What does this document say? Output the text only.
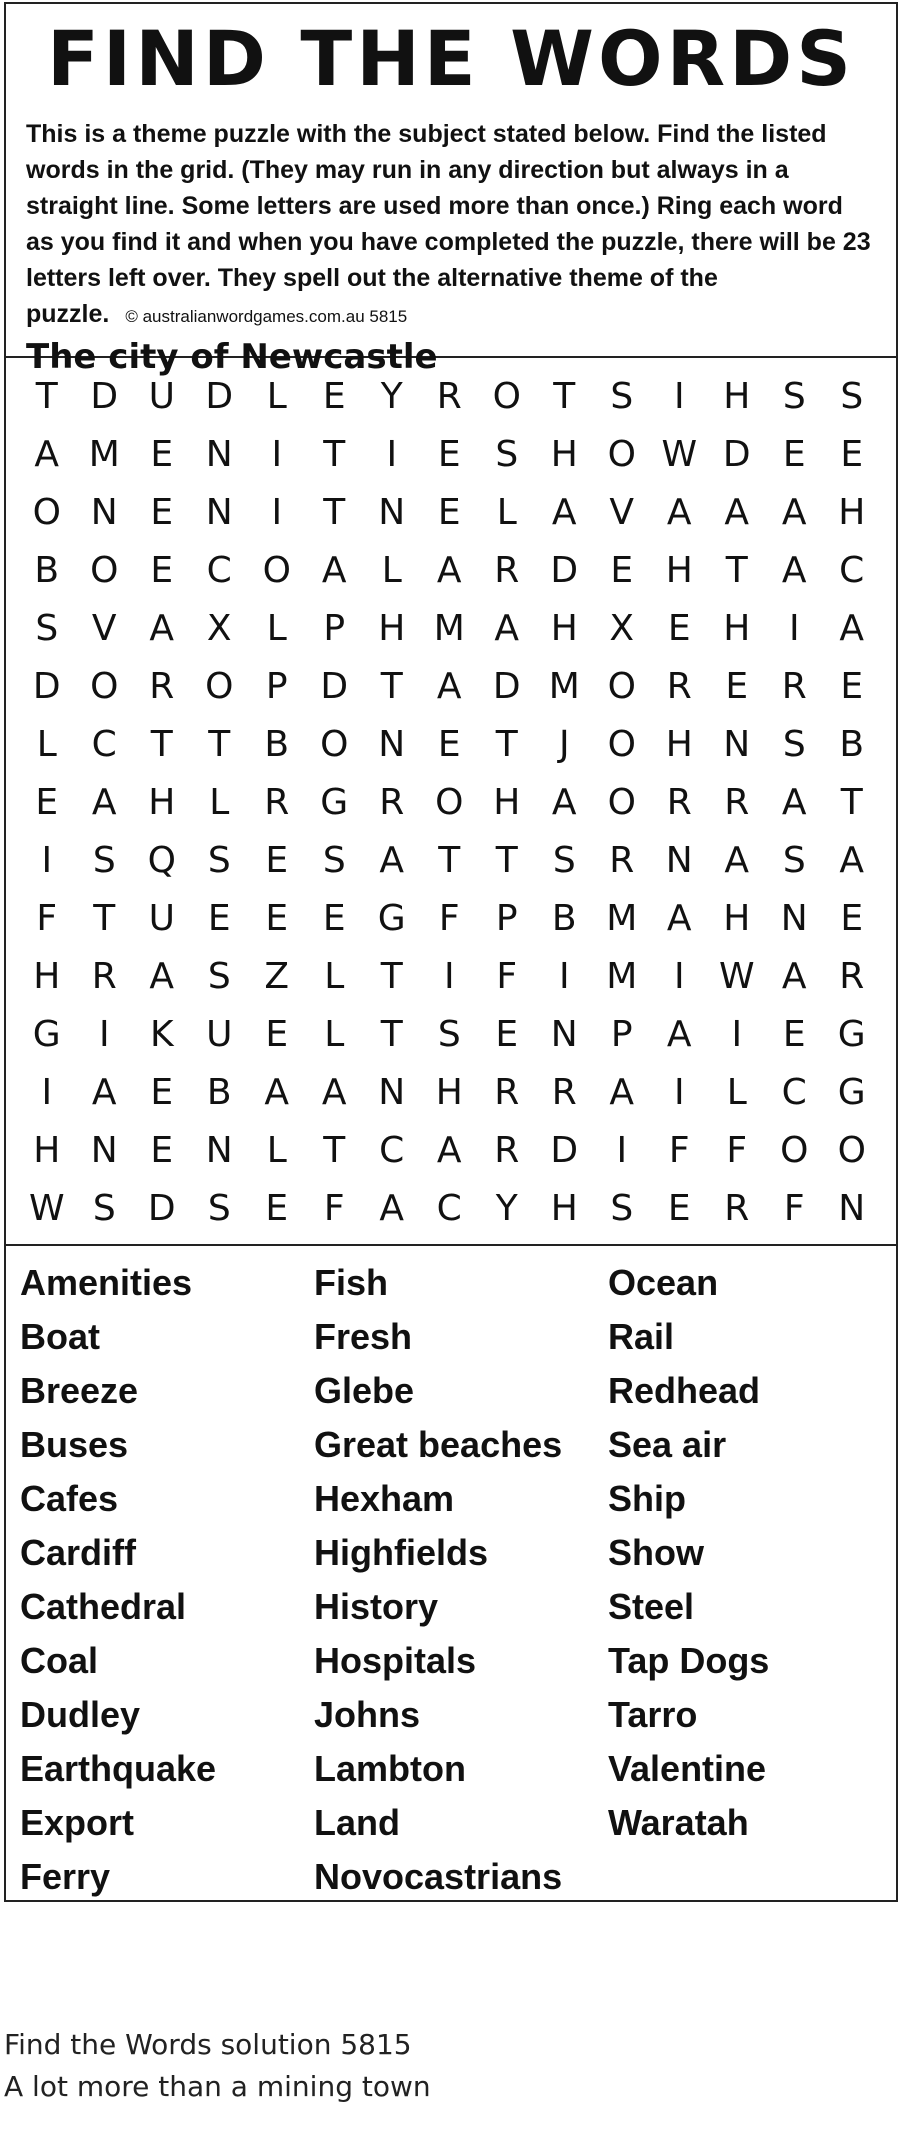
FIND THE WORDS

This is a theme puzzle with the subject stated below. Find the listed words in the grid. (They may run in any direction but always in a straight line. Some letters are used more than once.) Ring each word as you find it and when you have completed the puzzle, there will be 23 letters left over. They spell out the alternative theme of the puzzle. © australianwordgames.com.au 5815

The city of Newcastle
T D U D L	E Y R O T S	I	H S S
A M E N	I	T	I	E S H O W D E E
O N E N	I	T N E	L A V A A A H
B O E C O A L A R D E H T A C
S V A X L	P H M A H X E H	I	A
D O R O P D T A D M O R E R E
L C T T B O N E T	J	O H N S B
E A H L R G R O H A O R R A T
I	S Q S E S A T T S R N A S A
F	T U E E E G F	P B M A H N E
H R A S Z L	T	I	F	I	M	I W A R
G	I	K U E	L	T S E N P A	I	E G
I	A E B A A N H R R A	I	L C G
H N E N L	T C A R D	I	F	F O O
W S D S E F A C Y H S E R F N
Amenities
Boat
Breeze
Buses
Cafes
Cardiff
Cathedral
Coal
Dudley
Earthquake
Export
Ferry
Fish
Fresh
Glebe
Great beaches
Hexham
Highfields
History
Hospitals
Johns
Lambton
Land
Novocastrians
Ocean
Rail
Redhead
Sea air
Ship
Show
Steel
Tap Dogs
Tarro
Valentine
Waratah
Find the Words solution 5815
A lot more than a mining town
